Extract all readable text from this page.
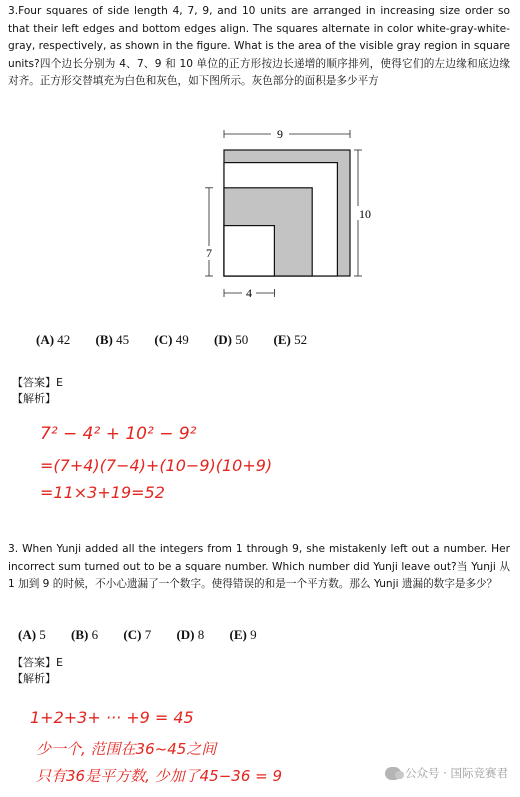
3.Four squares of side length 4, 7, 9, and 10 units are arranged in increasing size order so that their left edges and bottom edges align. The squares alternate in color white-gray-white-gray, respectively, as shown in the figure. What is the area of the visible gray region in square units?四个边长分别为 4、7、9 和 10 单位的正方形按边长递增的顺序排列，使得它们的左边缘和底边缘对齐。正方形交替填充为白色和灰色，如下图所示。灰色部分的面积是多少平方
9
10
7
4
(A) 42 (B) 45 (C) 49 (D) 50 (E) 52
【答案】E
【解析】
7² − 4² + 10² − 9²
=(7+4)(7−4)+(10−9)(10+9)
=11×3+19=52
3. When Yunji added all the integers from 1 through 9, she mistakenly left out a number. Her incorrect sum turned out to be a square number. Which number did Yunji leave out?当 Yunji 从 1 加到 9 的时候，不小心遗漏了一个数字。使得错误的和是一个平方数。那么 Yunji 遗漏的数字是多少？
(A) 5 (B) 6 (C) 7 (D) 8 (E) 9
【答案】E
【解析】
1+2+3+ ··· +9 = 45
少一个, 范围在36~45之间
只有36是平方数, 少加了45−36 = 9	公众号 · 国际竞赛君
